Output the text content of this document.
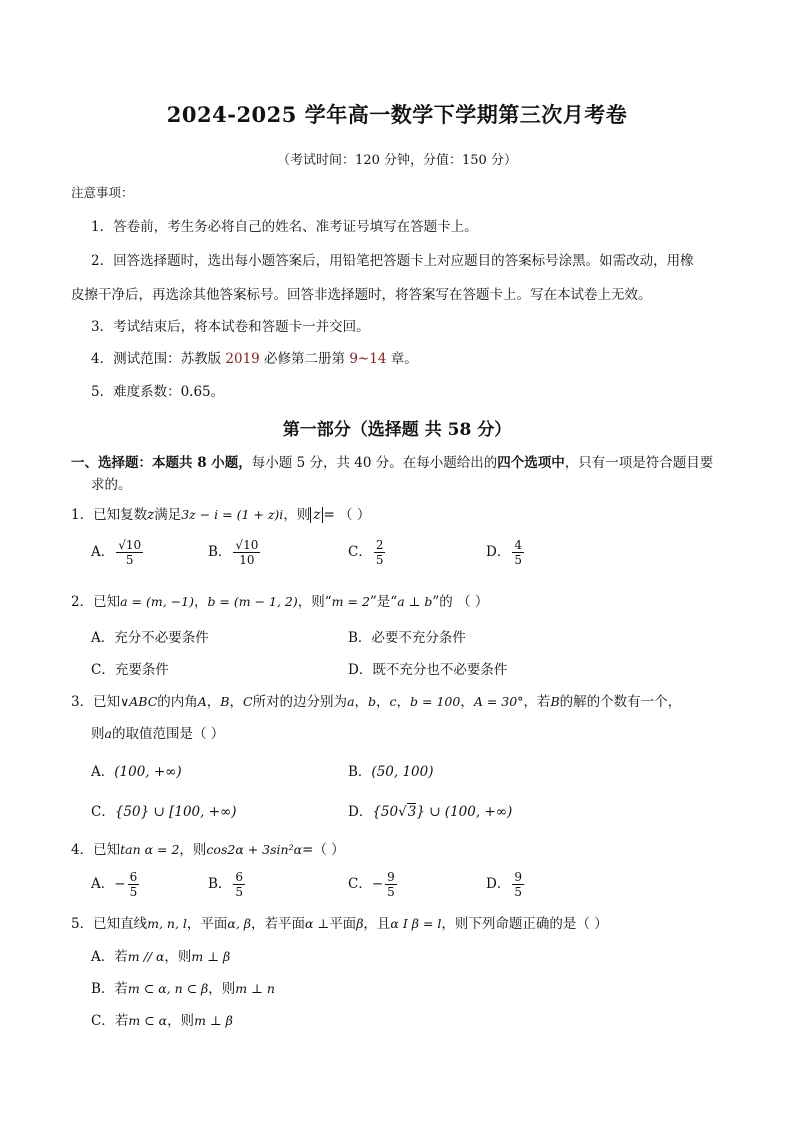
2024-2025 学年高一数学下学期第三次月考卷
（考试时间：120 分钟，分值：150 分）
注意事项：
1．答卷前，考生务必将自己的姓名、准考证号填写在答题卡上。
2．回答选择题时，选出每小题答案后，用铅笔把答题卡上对应题目的答案标号涂黑。如需改动，用橡
皮擦干净后，再选涂其他答案标号。回答非选择题时，将答案写在答题卡上。写在本试卷上无效。
3．考试结束后，将本试卷和答题卡一并交回。
4．测试范围：苏教版 2019 必修第二册第 9~14 章。
5．难度系数：0.65。
第一部分（选择题 共 58 分）
一、选择题：本题共 8 小题，每小题 5 分，共 40 分。在每小题给出的四个选项中，只有一项是符合题目要
求的。
1．已知复数z满足3z − i = (1 + z)i，则 z = （ ）
A． $\frac{√10}{5}$	B． $\frac{√10}{10}$	C． $\frac{2}{5}$	D． $\frac{4}{5}$
2．已知a = (m, −1)，b = (m − 1, 2)，则“m = 2”是“a ⊥ b”的 （ ）
A．充分不必要条件	B．必要不充分条件
C．充要条件	D．既不充分也不必要条件
3．已知∨ABC的内角A，B，C所对的边分别为a，b，c，b = 100，A = 30°，若B的解的个数有一个，
则a的取值范围是（ ）
A．(100, +∞)	B．(50, 100)
C．{50} ∪ [100, +∞)	D．{50√3} ∪ (100, +∞)
4．已知tan α = 2，则cos2α + 3sin²α=（ ）
A．− $\frac{6}{5}$	B． $\frac{6}{5}$	C．− $\frac{9}{5}$	D． $\frac{9}{5}$
5．已知直线m, n, l，平面α, β，若平面α ⊥平面β，且α I β = l，则下列命题正确的是（ ）
A．若m // α，则m ⊥ β
B．若m ⊂ α, n ⊂ β，则m ⊥ n
C．若m ⊂ α，则m ⊥ β
